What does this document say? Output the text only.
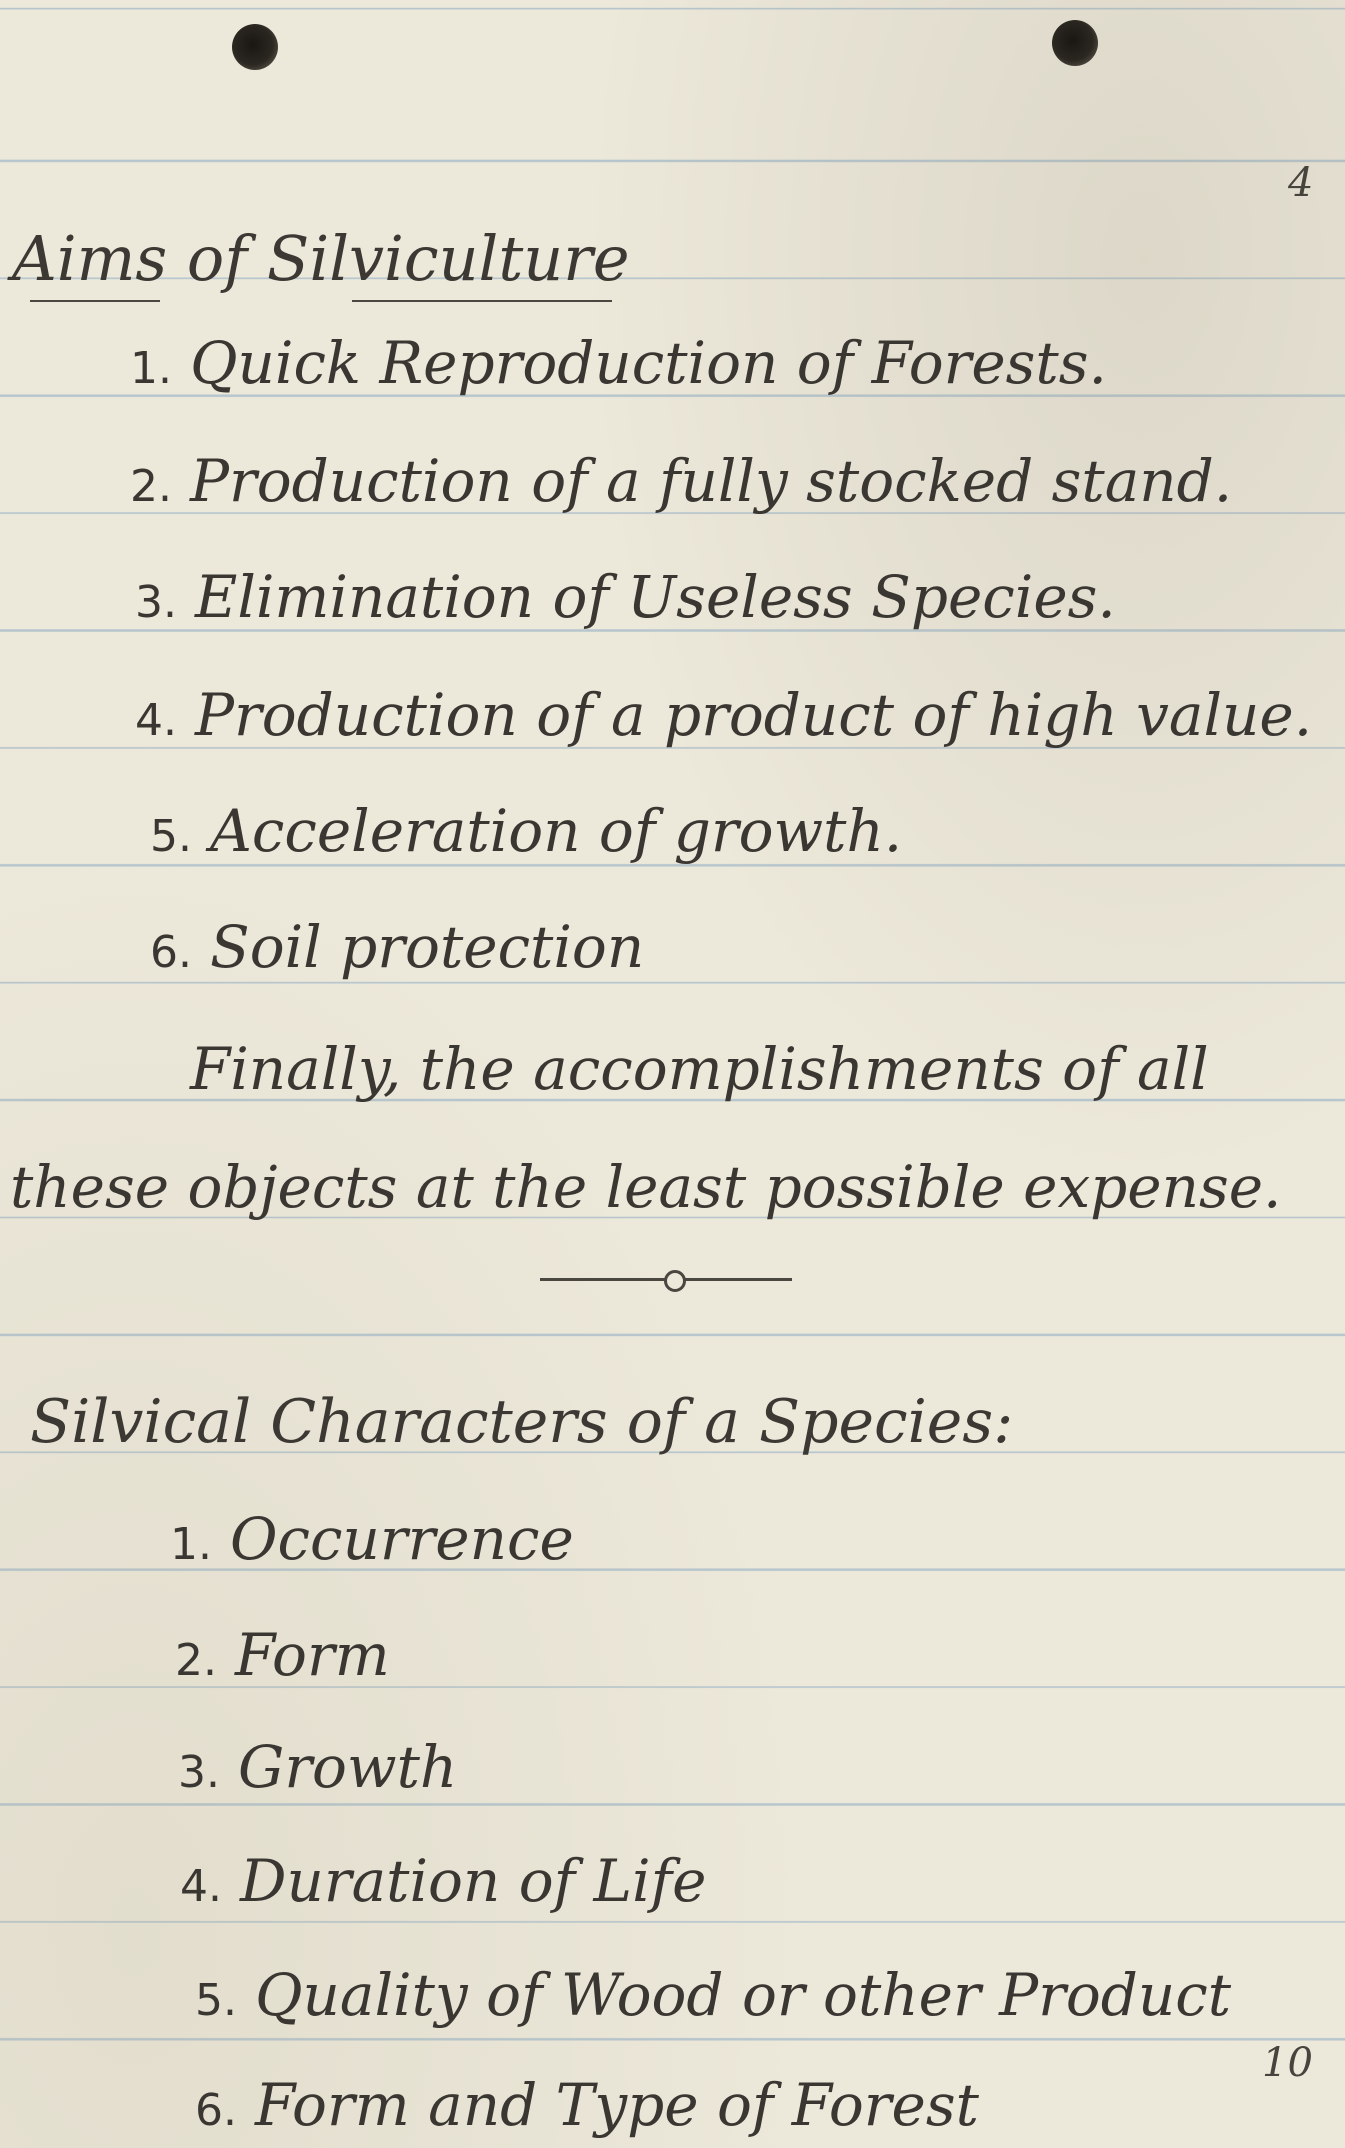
4
Aims of Silviculture
1. Quick Reproduction of Forests.
2. Production of a fully stocked stand.
3. Elimination of Useless Species.
4. Production of a product of high value.
5. Acceleration of growth.
6. Soil protection
Finally, the accomplishments of all
these objects at the least possible expense.
Silvical Characters of a Species:
1. Occurrence
2. Form
3. Growth
4. Duration of Life
5. Quality of Wood or other Product
6. Form and Type of Forest
10
